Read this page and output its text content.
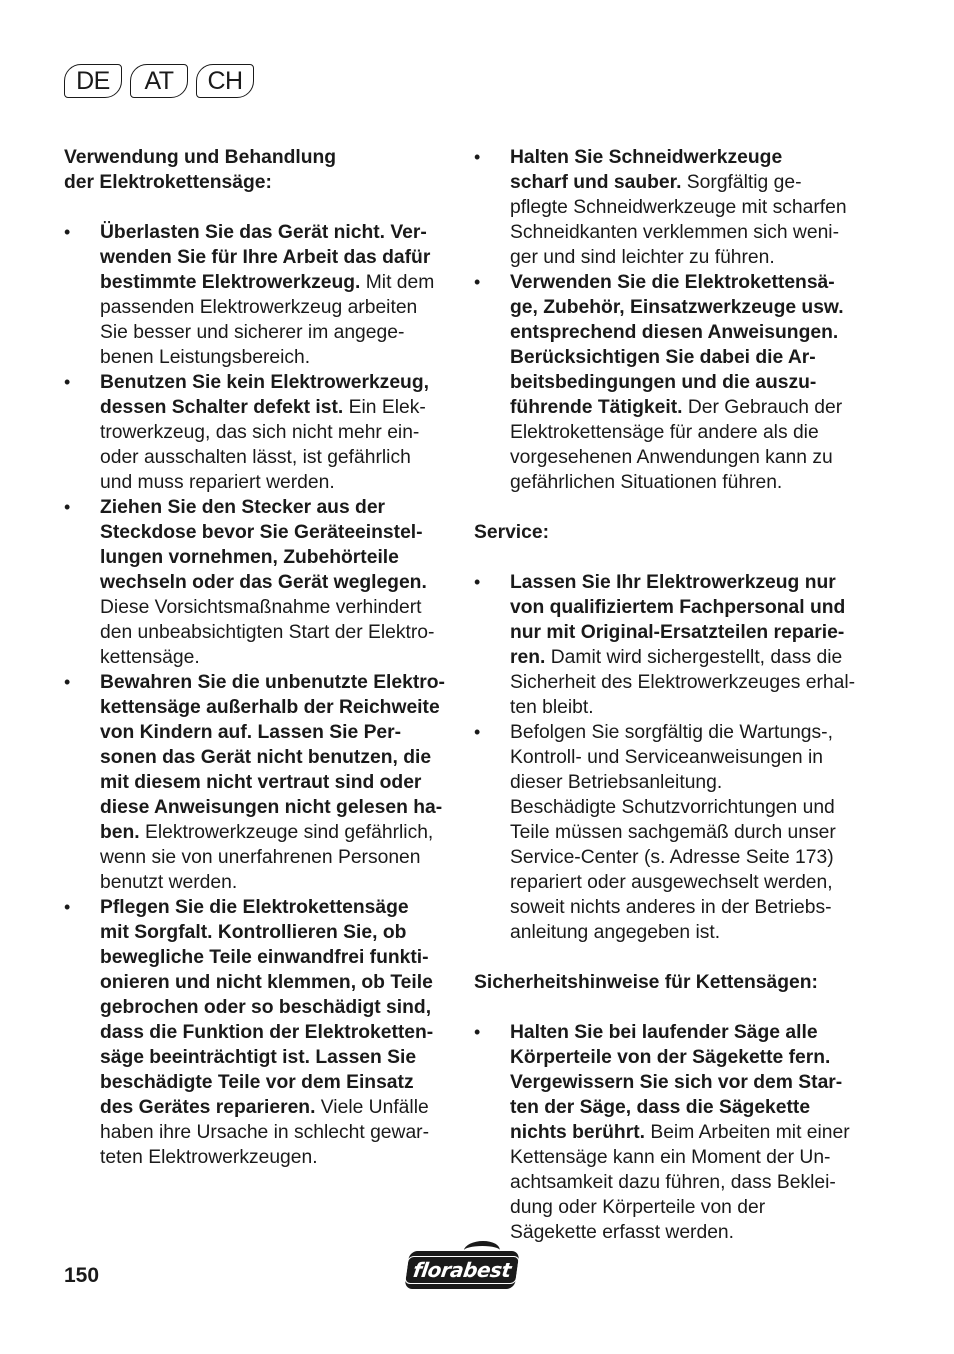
DE	AT	CH
Verwendung und Behandlung
der Elektrokettensäge:
• Überlasten Sie das Gerät nicht. Ver-
wenden Sie für Ihre Arbeit das dafür
bestimmte Elektrowerkzeug. Mit dem
passenden Elektrowerkzeug arbeiten
Sie besser und sicherer im angege-
benen Leistungsbereich.
• Benutzen Sie kein Elektrowerkzeug,
dessen Schalter defekt ist. Ein Elek-
trowerkzeug, das sich nicht mehr ein-
oder ausschalten lässt, ist gefährlich
und muss repariert werden.
• Ziehen Sie den Stecker aus der
Steckdose bevor Sie Geräteeinstel-
lungen vornehmen, Zubehörteile
wechseln oder das Gerät weglegen.
Diese Vorsichtsmaßnahme verhindert
den unbeabsichtigten Start der Elektro-
kettensäge.
• Bewahren Sie die unbenutzte Elektro-
kettensäge außerhalb der Reichweite
von Kindern auf. Lassen Sie Per-
sonen das Gerät nicht benutzen, die
mit diesem nicht vertraut sind oder
diese Anweisungen nicht gelesen ha-
ben. Elektrowerkzeuge sind gefährlich,
wenn sie von unerfahrenen Personen
benutzt werden.
• Pflegen Sie die Elektrokettensäge
mit Sorgfalt. Kontrollieren Sie, ob
bewegliche Teile einwandfrei funkti-
onieren und nicht klemmen, ob Teile
gebrochen oder so beschädigt sind,
dass die Funktion der Elektroketten-
säge beeinträchtigt ist. Lassen Sie
beschädigte Teile vor dem Einsatz
des Gerätes reparieren. Viele Unfälle
haben ihre Ursache in schlecht gewar-
teten Elektrowerkzeugen.
• Halten Sie Schneidwerkzeuge
scharf und sauber. Sorgfältig ge-
pflegte Schneidwerkzeuge mit scharfen
Schneidkanten verklemmen sich weni-
ger und sind leichter zu führen.
• Verwenden Sie die Elektrokettensä-
ge, Zubehör, Einsatzwerkzeuge usw.
entsprechend diesen Anweisungen.
Berücksichtigen Sie dabei die Ar-
beitsbedingungen und die auszu-
führende Tätigkeit. Der Gebrauch der
Elektrokettensäge für andere als die
vorgesehenen Anwendungen kann zu
gefährlichen Situationen führen.
Service:
• Lassen Sie Ihr Elektrowerkzeug nur
von qualifiziertem Fachpersonal und
nur mit Original-Ersatzteilen reparie-
ren. Damit wird sichergestellt, dass die
Sicherheit des Elektrowerkzeuges erhal-
ten bleibt.
• Befolgen Sie sorgfältig die Wartungs-,
Kontroll- und Serviceanweisungen in
dieser Betriebsanleitung.
Beschädigte Schutzvorrichtungen und
Teile müssen sachgemäß durch unser
Service-Center (s. Adresse Seite 173)
repariert oder ausgewechselt werden,
soweit nichts anderes in der Betriebs-
anleitung angegeben ist.
Sicherheitshinweise für Kettensägen:
• Halten Sie bei laufender Säge alle
Körperteile von der Sägekette fern.
Vergewissern Sie sich vor dem Star-
ten der Säge, dass die Sägekette
nichts berührt. Beim Arbeiten mit einer
Kettensäge kann ein Moment der Un-
achtsamkeit dazu führen, dass Beklei-
dung oder Körperteile von der
Sägekette erfasst werden.
150	florabest
